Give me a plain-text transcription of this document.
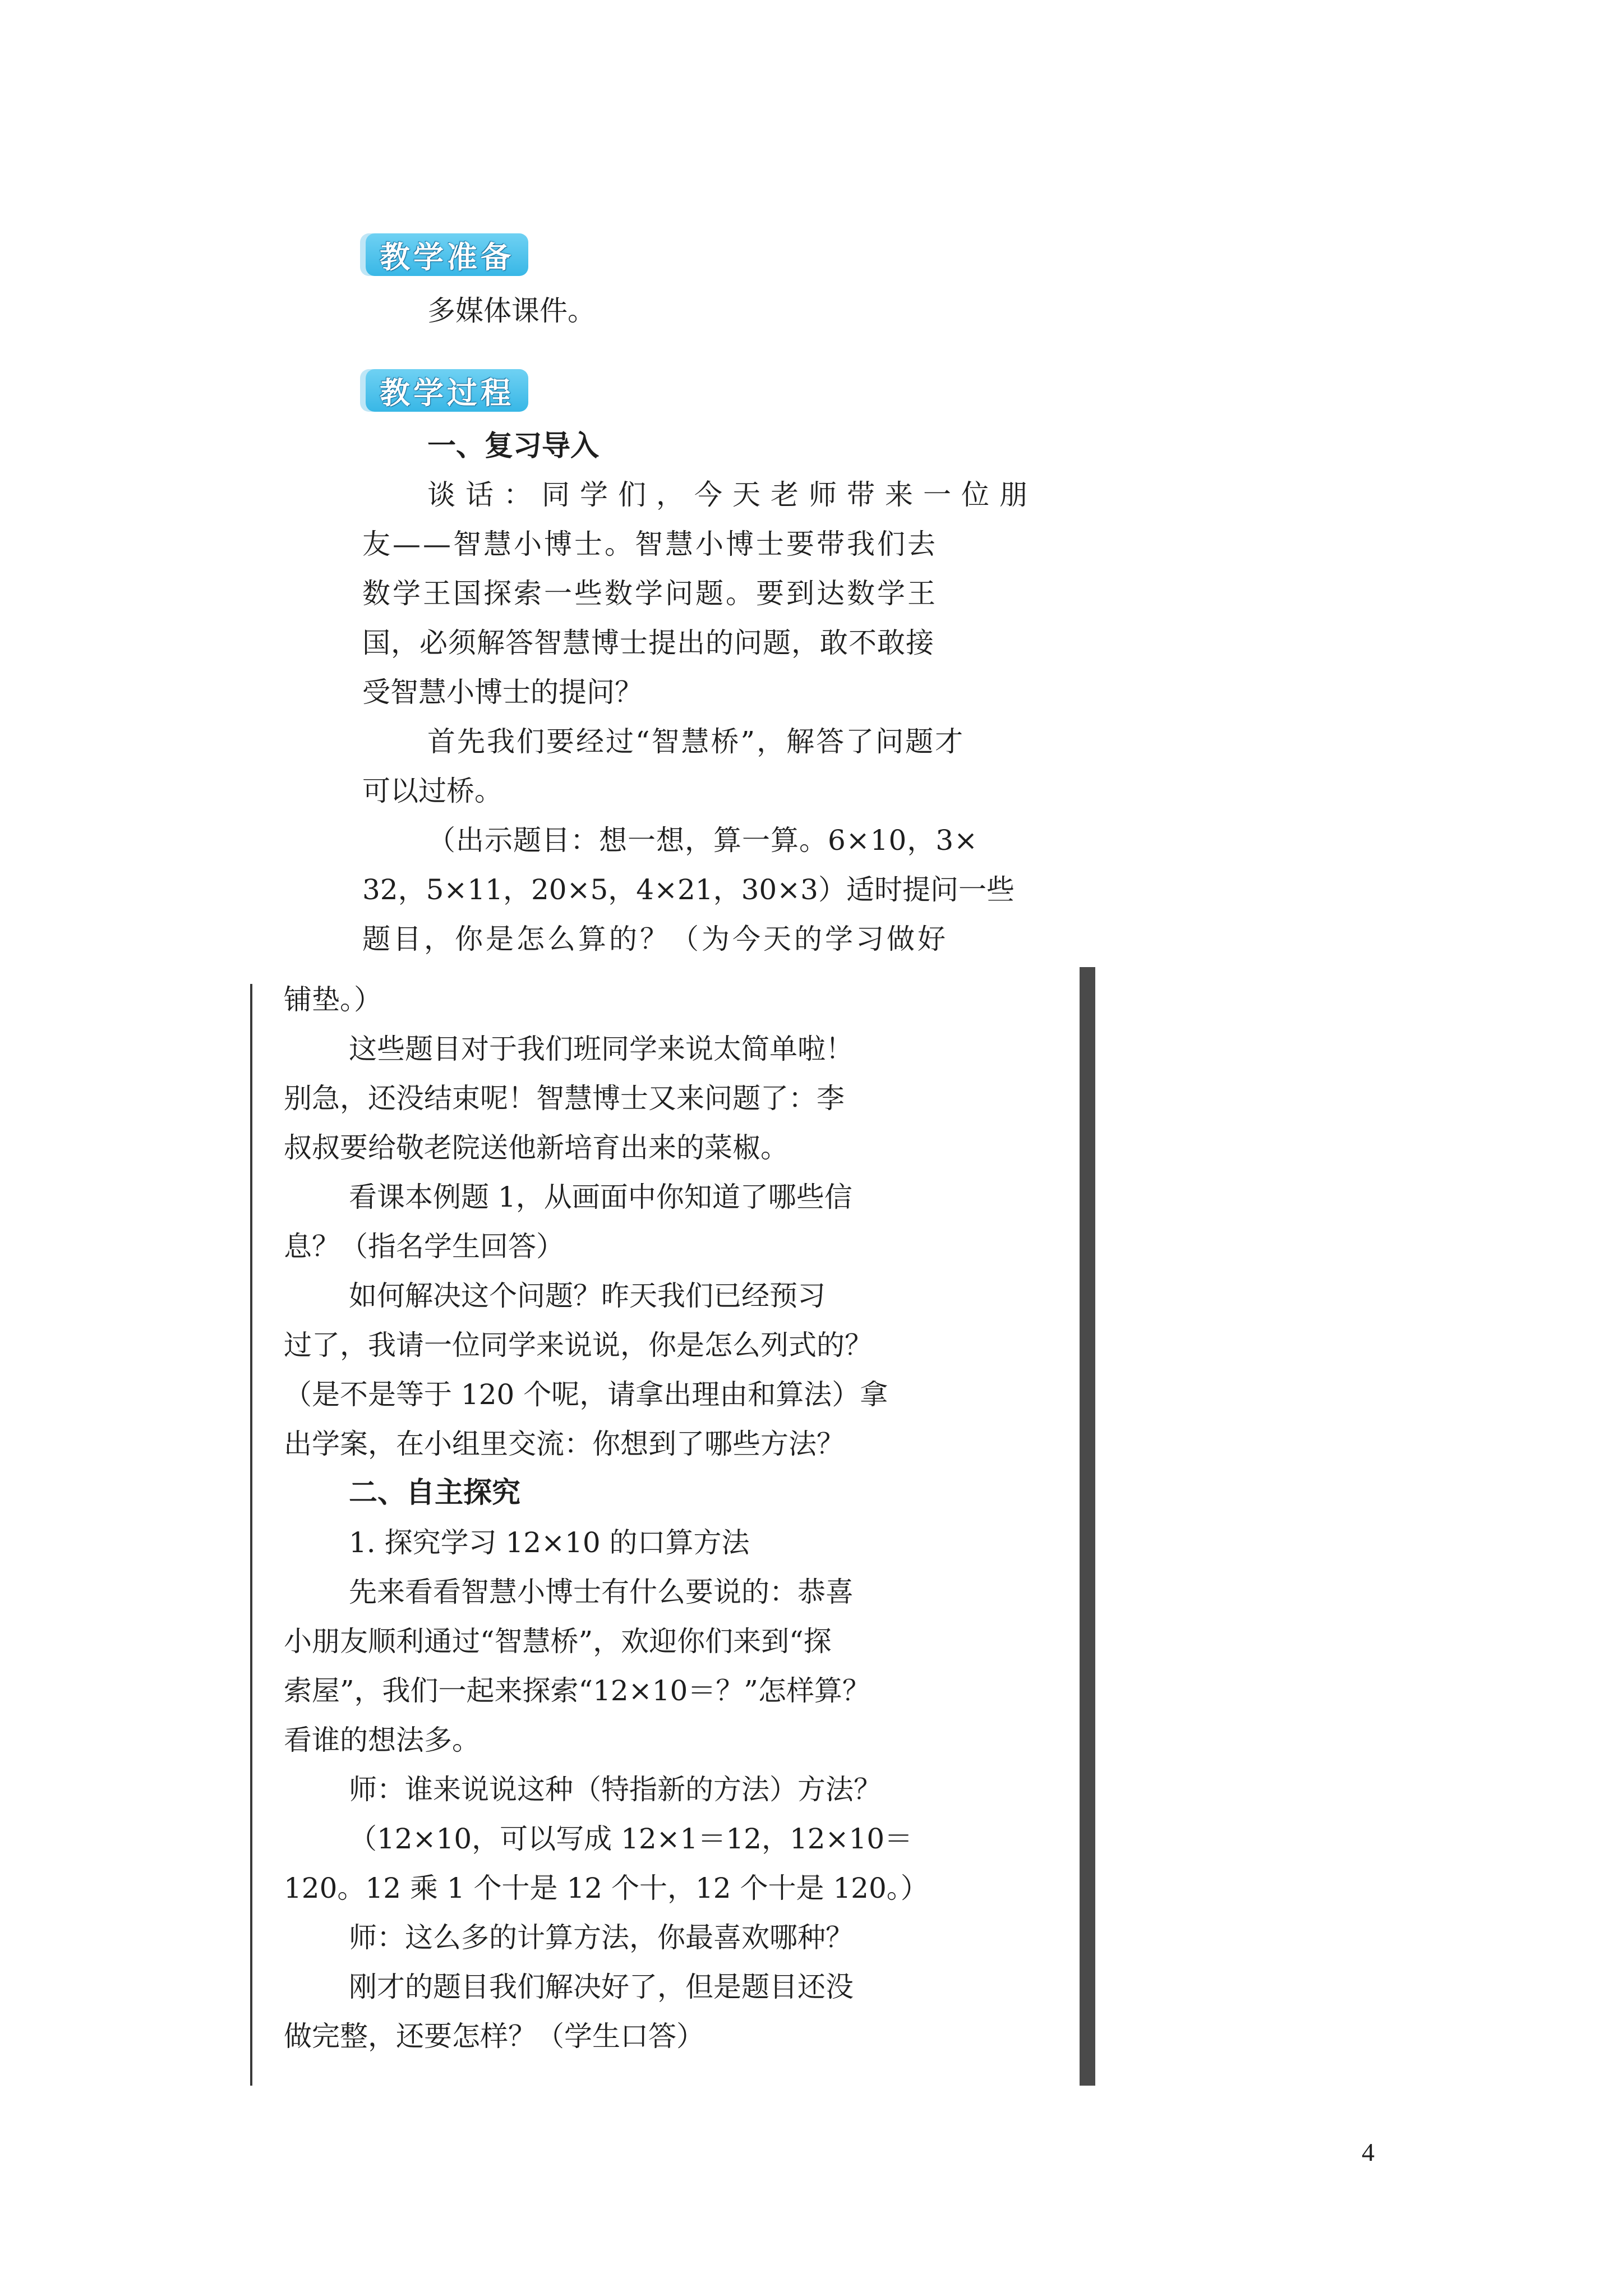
教学准备

多媒体课件。

教学过程

一、复习导入

谈话：同学们，今天老师带来一位朋

友——智慧小博士。智慧小博士要带我们去

数学王国探索一些数学问题。要到达数学王

国，必须解答智慧博士提出的问题，敢不敢接

受智慧小博士的提问？

首先我们要经过“智慧桥”，解答了问题才

可以过桥。

（出示题目：想一想，算一算。6×10，3×

32，5×11，20×5，4×21，30×3）适时提问一些

题目，你是怎么算的？（为今天的学习做好

铺垫。）

这些题目对于我们班同学来说太简单啦！

别急，还没结束呢！智慧博士又来问题了：李

叔叔要给敬老院送他新培育出来的菜椒。

看课本例题 1，从画面中你知道了哪些信

息？（指名学生回答）

如何解决这个问题？昨天我们已经预习

过了，我请一位同学来说说，你是怎么列式的？

（是不是等于 120 个呢，请拿出理由和算法）拿

出学案，在小组里交流：你想到了哪些方法？

二、自主探究

1. 探究学习 12×10 的口算方法

先来看看智慧小博士有什么要说的：恭喜

小朋友顺利通过“智慧桥”，欢迎你们来到“探

索屋”，我们一起来探索“12×10＝？”怎样算？

看谁的想法多。

师：谁来说说这种（特指新的方法）方法？

（12×10，可以写成 12×1＝12，12×10＝

120。12 乘 1 个十是 12 个十，12 个十是 120。）

师：这么多的计算方法，你最喜欢哪种？

刚才的题目我们解决好了，但是题目还没

做完整，还要怎样？（学生口答）

4
